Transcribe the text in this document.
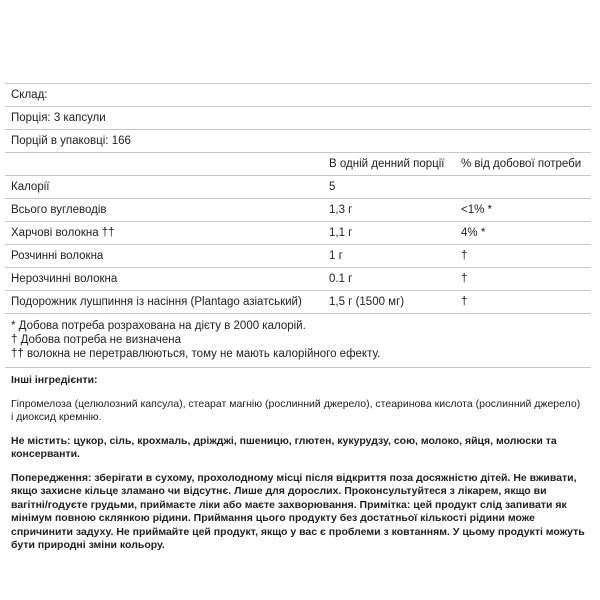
Склад:		
Порція: 3 капсули		
Порцій в упаковці: 166		
	В одній денний порції	% від добової потреби
Калорії	5	
Всього вуглеводів	1,3 г	<1% *
Харчові волокна ††	1,1 г	4% *
Розчинні волокна	1 г	†
Нерозчинні волокна	0.1 г	†
Подорожник лушпиння із насіння (Plantago азіатський)	1,5 г (1500 мг)	†
* Добова потреба розрахована на дієту в 2000 калорій.
† Добова потреба не визначена
†† волокна не перетравлюються, тому не мають калорійного ефекту.

Інші інгредієнти:

Гіпромелоза (целюлозний капсула), стеарат магнію (рослинний джерело), стеаринова кислота (рослинний джерело) і диоксид кремнію.

Не містить: цукор, сіль, крохмаль, дріжджі, пшеницю, глютен, кукурудзу, сою, молоко, яйця, молюски та консерванти.

Попередження: зберігати в сухому, прохолодному місці після відкриття поза досяжністю дітей. Не вживати, якщо захисне кільце зламано чи відсутнє. Лише для дорослих. Проконсультуйтеся з лікарем, якщо ви вагітні/годуєте грудьми, приймаєте ліки або маєте захворювання. Примітка: цей продукт слід запивати як мінімум повною склянкою рідини. Приймання цього продукту без достатньої кількості рідини може спричинити задуху. Не приймайте цей продукт, якщо у вас є проблеми з ковтанням. У цьому продукті можуть бути природні зміни кольору.
